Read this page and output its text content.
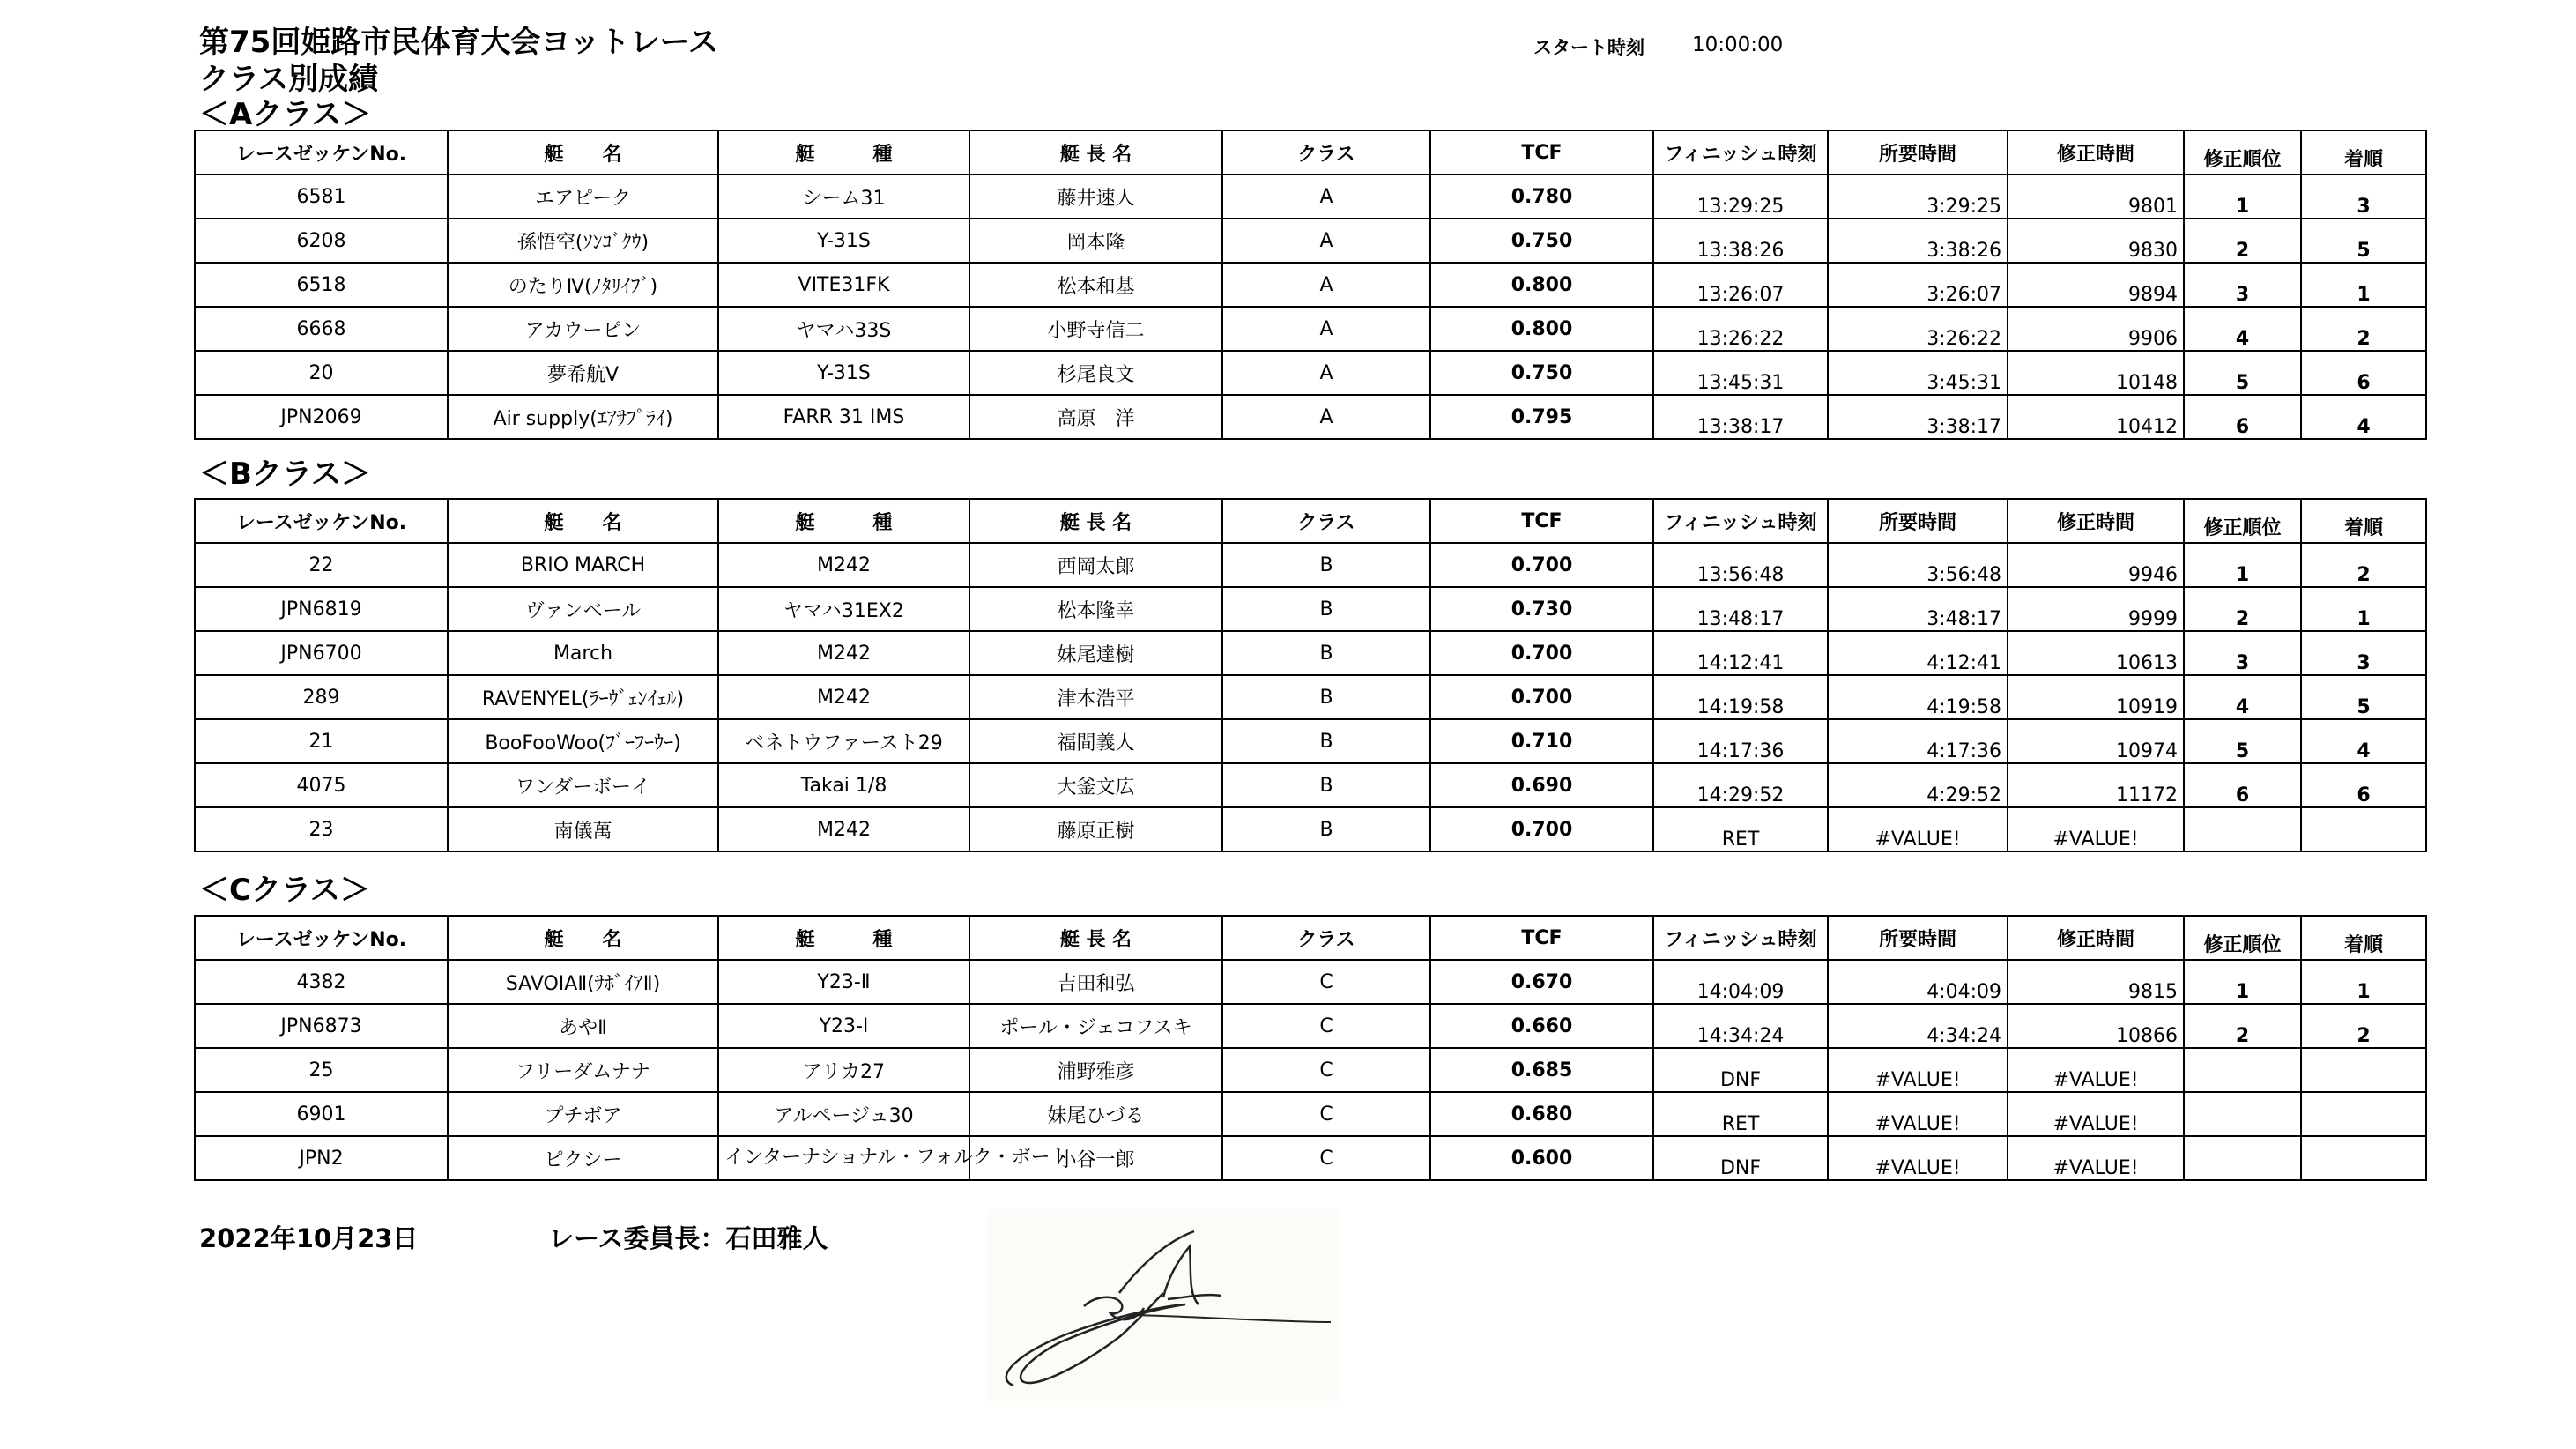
第75回姫路市民体育大会ヨットレース
クラス別成績
スタート時刻 10:00:00
＜Aクラス＞
レースゼッケンNo.	艇　　名	艇　　　種	艇 長 名	クラス	TCF	フィニッシュ時刻	所要時間	修正時間	修正順位	着順
6581	エアピーク	シーム31	藤井速人	A	0.780	13:29:25	3:29:25	9801	1	3
6208	孫悟空(ｿﾝｺﾞｸｳ)	Y-31S	岡本隆	A	0.750	13:38:26	3:38:26	9830	2	5
6518	のたりⅣ(ﾉﾀﾘｲﾌﾞ)	VITE31FK	松本和基	A	0.800	13:26:07	3:26:07	9894	3	1
6668	アカウーピン	ヤマハ33S	小野寺信二	A	0.800	13:26:22	3:26:22	9906	4	2
20	夢希航Ⅴ	Y-31S	杉尾良文	A	0.750	13:45:31	3:45:31	10148	5	6
JPN2069	Air supply(ｴｱｻﾌﾟﾗｲ)	FARR 31 IMS	高原　洋	A	0.795	13:38:17	3:38:17	10412	6	4
＜Bクラス＞
レースゼッケンNo.	艇　　名	艇　　　種	艇 長 名	クラス	TCF	フィニッシュ時刻	所要時間	修正時間	修正順位	着順
22	BRIO MARCH	M242	西岡太郎	B	0.700	13:56:48	3:56:48	9946	1	2
JPN6819	ヴァンベール	ヤマハ31EX2	松本隆幸	B	0.730	13:48:17	3:48:17	9999	2	1
JPN6700	March	M242	妹尾達樹	B	0.700	14:12:41	4:12:41	10613	3	3
289	RAVENYEL(ﾗｰｳﾞｪﾝｲｪﾙ)	M242	津本浩平	B	0.700	14:19:58	4:19:58	10919	4	5
21	BooFooWoo(ﾌﾞｰﾌｰｳｰ)	ベネトウファースト29	福間義人	B	0.710	14:17:36	4:17:36	10974	5	4
4075	ワンダーボーイ	Takai 1/8	大釜文広	B	0.690	14:29:52	4:29:52	11172	6	6
23	南儀萬	M242	藤原正樹	B	0.700	RET	#VALUE!	#VALUE!		
＜Cクラス＞
レースゼッケンNo.	艇　　名	艇　　　種	艇 長 名	クラス	TCF	フィニッシュ時刻	所要時間	修正時間	修正順位	着順
4382	SAVOIAⅡ(ｻﾎﾞｲｱⅡ)	Y23-Ⅱ	吉田和弘	C	0.670	14:04:09	4:04:09	9815	1	1
JPN6873	あやⅡ	Y23-Ⅰ	ポール・ジェコフスキ	C	0.660	14:34:24	4:34:24	10866	2	2
25	フリーダムナナ	アリカ27	浦野雅彦	C	0.685	DNF	#VALUE!	#VALUE!		
6901	プチボア	アルページュ30	妹尾ひづる	C	0.680	RET	#VALUE!	#VALUE!		
JPN2	ピクシー	インターナショナル・フォルク・ボート	小谷一郎	C	0.600	DNF	#VALUE!	#VALUE!		
2022年10月23日	レース委員長：石田雅人
